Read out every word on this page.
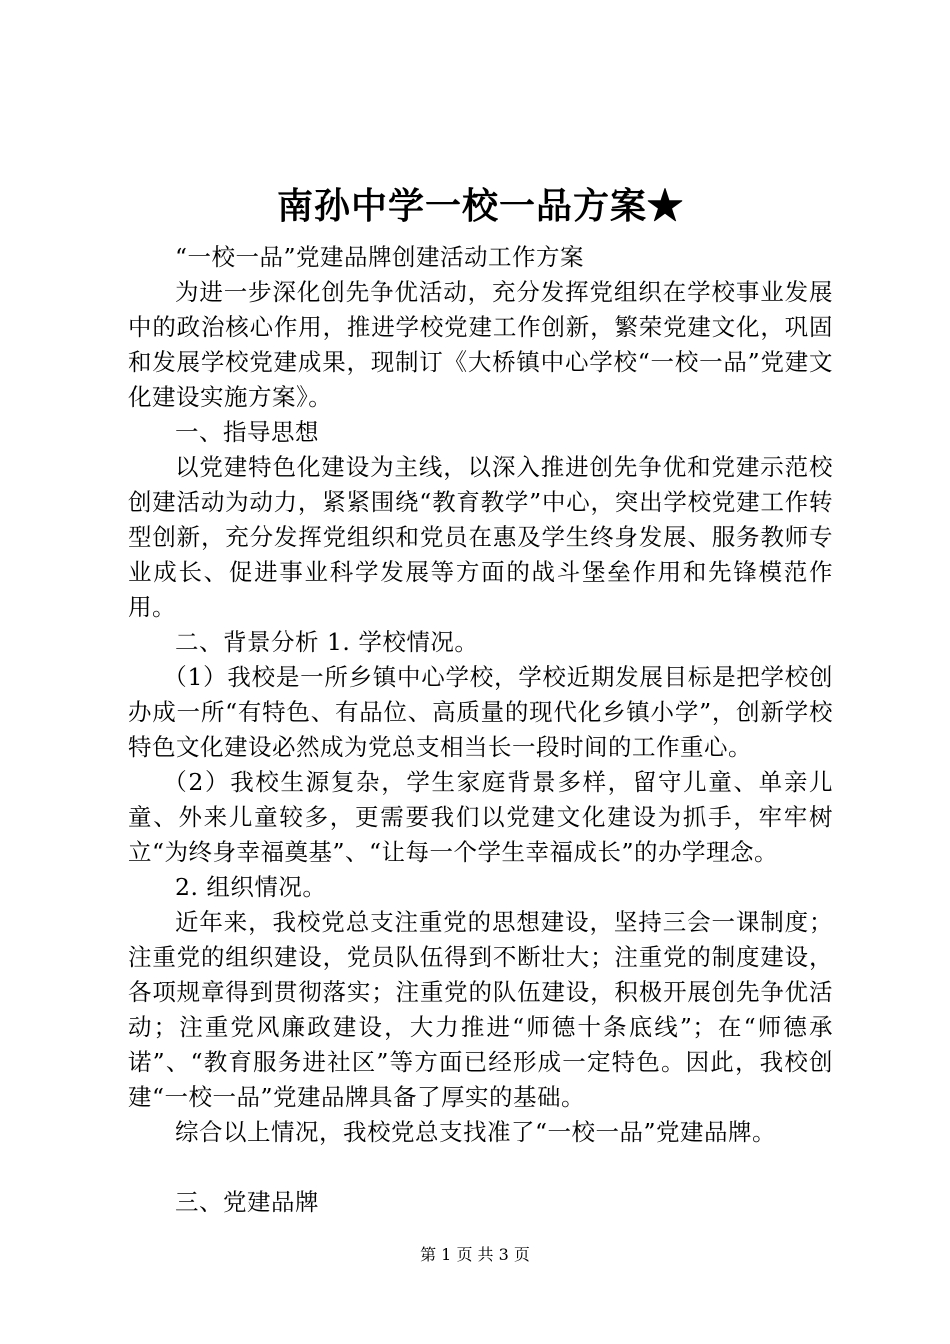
南孙中学一校一品方案★

“一校一品”党建品牌创建活动工作方案

为进一步深化创先争优活动，充分发挥党组织在学校事业发展中的政治核心作用，推进学校党建工作创新，繁荣党建文化，巩固和发展学校党建成果，现制订《大桥镇中心学校“一校一品”党建文化建设实施方案》。

一、指导思想

以党建特色化建设为主线，以深入推进创先争优和党建示范校创建活动为动力，紧紧围绕“教育教学”中心，突出学校党建工作转型创新，充分发挥党组织和党员在惠及学生终身发展、服务教师专业成长、促进事业科学发展等方面的战斗堡垒作用和先锋模范作用。

二、背景分析 1. 学校情况。

（1）我校是一所乡镇中心学校，学校近期发展目标是把学校创办成一所“有特色、有品位、高质量的现代化乡镇小学”，创新学校特色文化建设必然成为党总支相当长一段时间的工作重心。

（2）我校生源复杂，学生家庭背景多样，留守儿童、单亲儿童、外来儿童较多，更需要我们以党建文化建设为抓手，牢牢树立“为终身幸福奠基”、“让每一个学生幸福成长”的办学理念。

2. 组织情况。

近年来，我校党总支注重党的思想建设，坚持三会一课制度；注重党的组织建设，党员队伍得到不断壮大；注重党的制度建设，各项规章得到贯彻落实；注重党的队伍建设，积极开展创先争优活动；注重党风廉政建设，大力推进“师德十条底线”；在“师德承诺”、“教育服务进社区”等方面已经形成一定特色。因此，我校创建“一校一品”党建品牌具备了厚实的基础。

综合以上情况，我校党总支找准了“一校一品”党建品牌。

三、党建品牌

第 1 页 共 3 页
